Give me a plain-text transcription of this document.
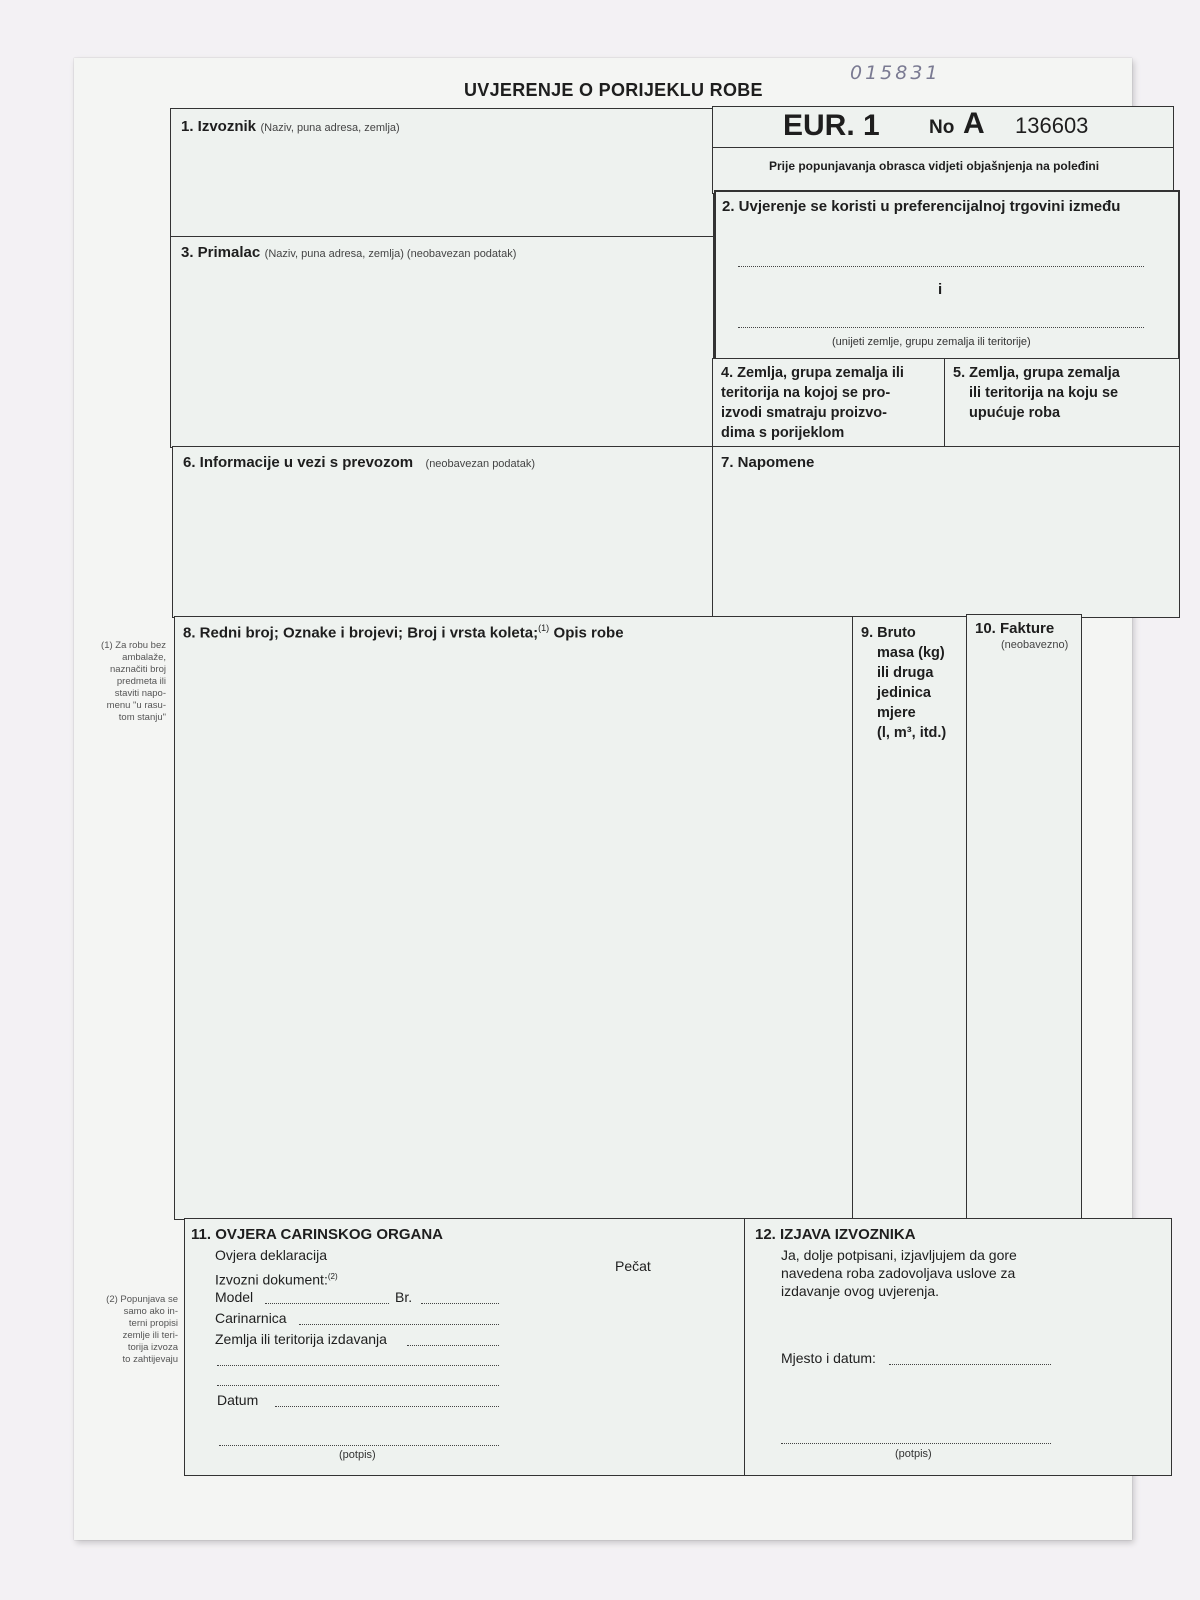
015831
UVJERENJE O PORIJEKLU ROBE
1. Izvoznik (Naziv, puna adresa, zemlja)
3. Primalac (Naziv, puna adresa, zemlja) (neobavezan podatak)
EUR. 1	No A 136603
Prije popunjavanja obrasca vidjeti objašnjenja na poleđini
2. Uvjerenje se koristi u preferencijalnoj trgovini između
i
(unijeti zemlje, grupu zemalja ili teritorije)
4. Zemlja, grupa zemalja ili
teritorija na kojoj se pro-
izvodi smatraju proizvo-
dima s porijeklom
5. Zemlja, grupa zemalja
ili teritorija na koju se
upućuje roba
6. Informacije u vezi s prevozom (neobavezan podatak)	7. Napomene
(1) Za robu bez
ambalaže,
naznačiti broj
predmeta ili
staviti napo-
menu "u rasu-
tom stanju"
8. Redni broj; Oznake i brojevi; Broj i vrsta koleta;$^{(1)}$ Opis robe	9. Bruto
masa (kg)
ili druga
jedinica
mjere
(l, m³, itd.)
10. Fakture
(neobavezno)
(2) Popunjava se
samo ako in-
terni propisi
zemlje ili teri-
torija izvoza
to zahtijevaju
11. OVJERA CARINSKOG ORGANA
Ovjera deklaracija
Izvozni dokument:$^{(2)}$
Model	Br.
Carinarnica
Zemlja ili teritorija izdavanja
Datum
Pečat
(potpis)
12. IZJAVA IZVOZNIKA
Ja, dolje potpisani, izjavljujem da gore
navedena roba zadovoljava uslove za
izdavanje ovog uvjerenja.
Mjesto i datum:
(potpis)
